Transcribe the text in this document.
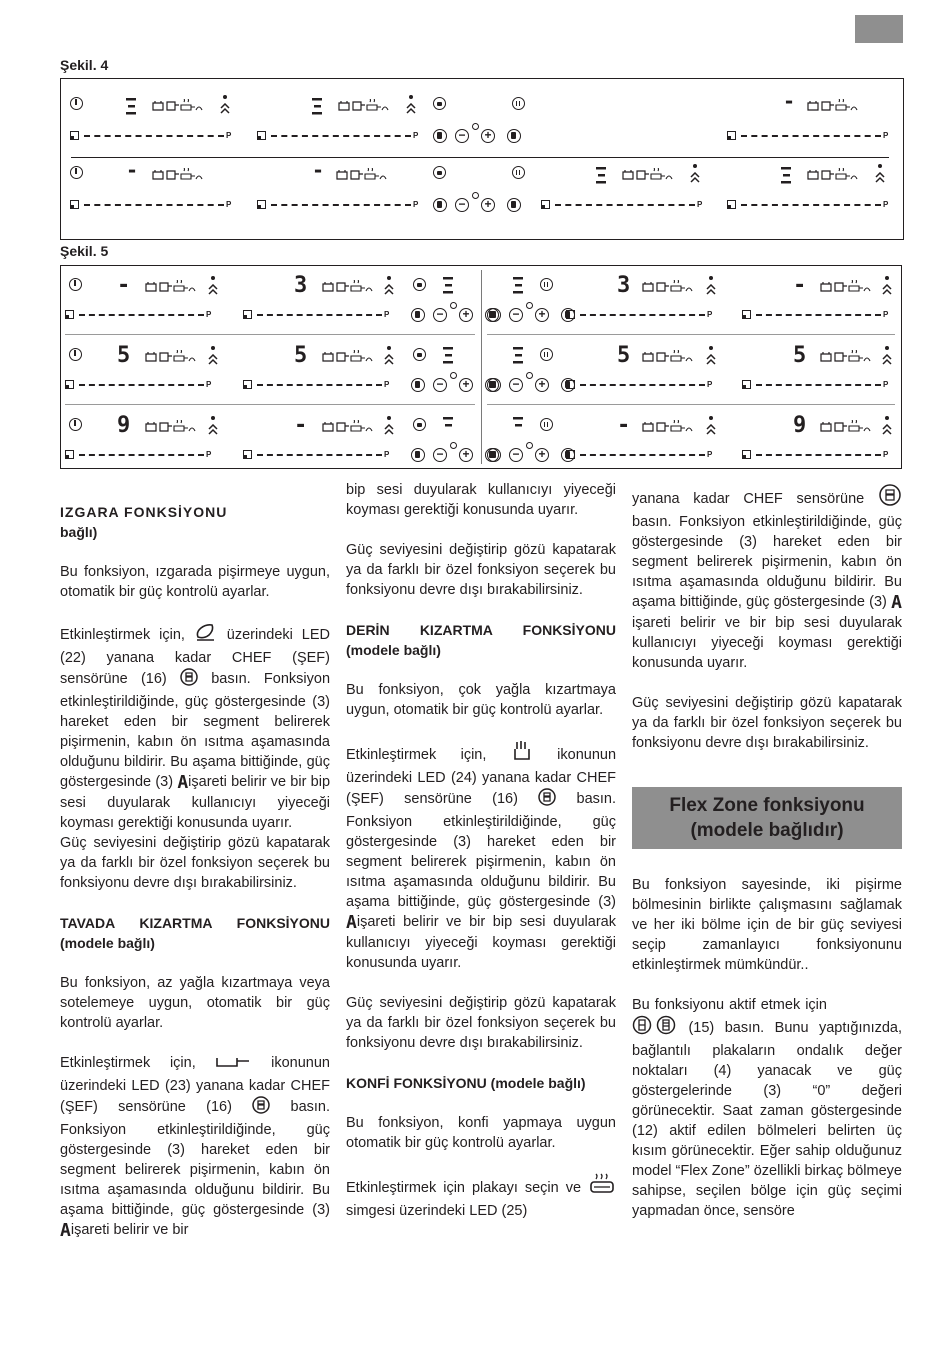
Şekil. 4
P	P	− +
-
P
P	P	− +
-	-
P	P
Şekil. 5
-	3
P	P	− +
3	-
− +	P	P
5	5
P	P	− +
5	5
− +	P	P
9	-
P	P	− +
-	9
− +	P	P
IZGARA FONKSİYONU
bağlı)

Bu fonksiyon, ızgarada pişirmeye uygun, otomatik bir güç kontrolü ayarlar.

Etkinleştirmek için,	üzerindeki LED (22) yanana kadar CHEF (ŞEF) sensörüne (16)	basın. Fonksiyon etkinleştirildiğinde, güç göstergesinde (3) hareket eden bir segment belirerek pişirmenin, kabın ön ısıtma aşamasında olduğunu bildirir. Bu aşama bittiğinde, güç göstergesinde (3) Aişareti belirir ve bir bip sesi duyularak kullanıcıyı yiyeceği koyması gerektiği konusunda uyarır.

Güç seviyesini değiştirip gözü kapatarak ya da farklı bir özel fonksiyon seçerek bu fonksiyonu devre dışı bırakabilirsiniz.

TAVADA KIZARTMA FONKSİYONU (modele bağlı)

Bu fonksiyon, az yağla kızartmaya veya sotelemeye uygun, otomatik bir güç kontrolü ayarlar.

Etkinleştirmek için,	ikonunun üzerindeki LED (23) yanana kadar CHEF (ŞEF) sensörüne (16)	basın. Fonksiyon etkinleştirildiğinde, güç göstergesinde (3) hareket eden bir segment belirerek pişirmenin, kabın ön ısıtma aşamasında olduğunu bildirir. Bu aşama bittiğinde, güç göstergesinde (3) Aişareti belirir ve bir

bip sesi duyularak kullanıcıyı yiyeceği koyması gerektiği konusunda uyarır.

Güç seviyesini değiştirip gözü kapatarak ya da farklı bir özel fonksiyon seçerek bu fonksiyonu devre dışı bırakabilirsiniz.

DERİN KIZARTMA FONKSİYONU (modele bağlı)

Bu fonksiyon, çok yağla kızartmaya uygun, otomatik bir güç kontrolü ayarlar.

Etkinleştirmek için,	ikonunun üzerindeki LED (24) yanana kadar CHEF (ŞEF) sensörüne (16)	basın. Fonksiyon etkinleştirildiğinde, güç göstergesinde (3) hareket eden bir segment belirerek pişirmenin, kabın ön ısıtma aşamasında olduğunu bildirir. Bu aşama bittiğinde, güç göstergesinde (3) Aişareti belirir ve bir bip sesi duyularak kullanıcıyı yiyeceği koyması gerektiği konusunda uyarır.

Güç seviyesini değiştirip gözü kapatarak ya da farklı bir özel fonksiyon seçerek bu fonksiyonu devre dışı bırakabilirsiniz.

KONFİ FONKSİYONU (modele bağlı)

Bu fonksiyon, konfi yapmaya uygun otomatik bir güç kontrolü ayarlar.

Etkinleştirmek için plakayı seçin ve  simgesi üzerindeki LED (25)

yanana kadar CHEF sensörüne  basın. Fonksiyon etkinleştirildiğinde, güç göstergesinde (3) hareket eden bir segment belirerek pişirmenin, kabın ön ısıtma aşamasında olduğunu bildirir. Bu aşama bittiğinde, güç göstergesinde (3) A işareti belirir ve bir bip sesi duyularak kullanıcıyı yiyeceği koyması gerektiği konusunda uyarır.

Güç seviyesini değiştirip gözü kapatarak ya da farklı bir özel fonksiyon seçerek bu fonksiyonu devre dışı bırakabilirsiniz.

Flex Zone fonksiyonu
(modele bağlıdır)

Bu fonksiyon sayesinde, iki pişirme bölmesinin birlikte çalışmasını sağlamak ve her iki bölme için de bir güç seviyesi seçip zamanlayıcı fonksiyonunu etkinleştirmek mümkündür..

Bu fonksiyonu aktif etmek için   (15) basın. Bunu yaptığınızda, bağlantılı plakaların ondalık değer noktaları (4) yanacak ve güç göstergelerinde (3) “0” değeri görünecektir. Saat zaman göstergesinde (12) aktif edilen bölmeleri belirten üç kısım görünecektir. Eğer sahip olduğunuz model “Flex Zone” özellikli birkaç bölmeye sahipse, seçilen bölge için güç seçimi yapmadan önce, sensöre
